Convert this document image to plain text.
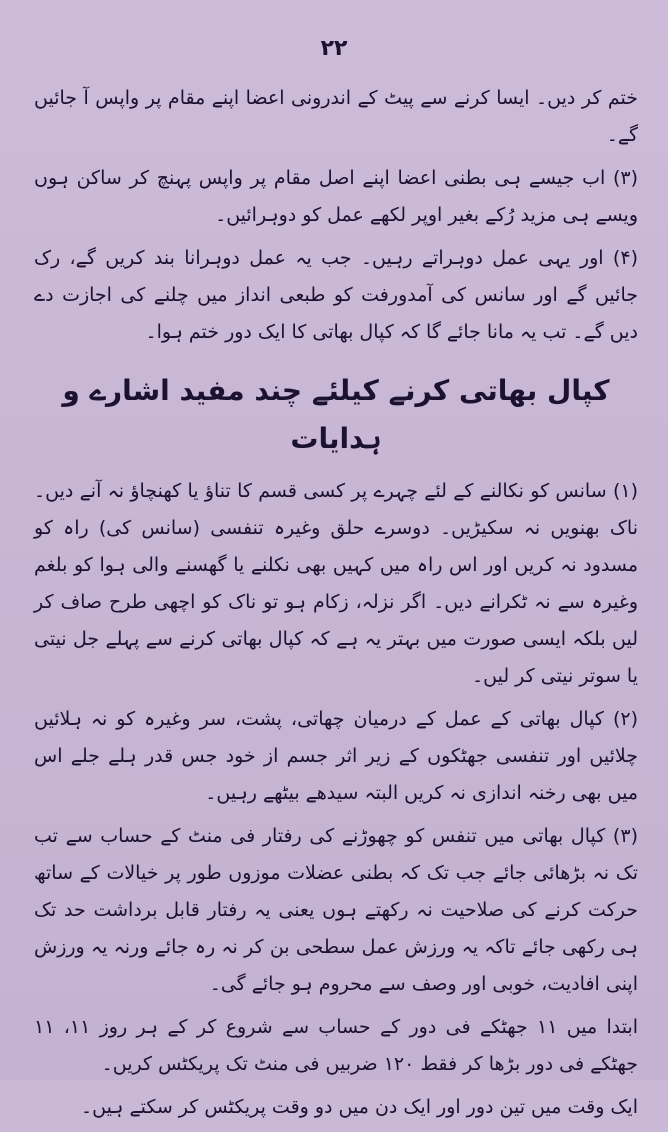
۲۲

ختم کر دیں۔ ایسا کرنے سے پیٹ کے اندرونی اعضا اپنے مقام پر واپس آ جائیں گے۔

(۳) اب جیسے ہی بطنی اعضا اپنے اصل مقام پر واپس پہنچ کر ساکن ہوں ویسے ہی مزید رُکے بغیر اوپر لکھے عمل کو دوہرائیں۔

(۴) اور یہی عمل دوہراتے رہیں۔ جب یہ عمل دوہرانا بند کریں گے، رک جائیں گے اور سانس کی آمدورفت کو طبعی انداز میں چلنے کی اجازت دے دیں گے۔ تب یہ مانا جائے گا کہ کپال بھاتی کا ایک دور ختم ہوا۔

کپال بھاتی کرنے کیلئے چند مفید اشارے و ہدایات

(۱) سانس کو نکالنے کے لئے چہرے پر کسی قسم کا تناؤ یا کھنچاؤ نہ آنے دیں۔ ناک بھنویں نہ سکیڑیں۔ دوسرے حلق وغیرہ تنفسی (سانس کی) راہ کو مسدود نہ کریں اور اس راہ میں کہیں بھی نکلنے یا گھسنے والی ہوا کو بلغم وغیرہ سے نہ ٹکرانے دیں۔ اگر نزلہ، زکام ہو تو ناک کو اچھی طرح صاف کر لیں بلکہ ایسی صورت میں بہتر یہ ہے کہ کپال بھاتی کرنے سے پہلے جل نیتی یا سوتر نیتی کر لیں۔

(۲) کپال بھاتی کے عمل کے درمیان چھاتی، پشت، سر وغیرہ کو نہ ہلائیں چلائیں اور تنفسی جھٹکوں کے زیر اثر جسم از خود جس قدر ہلے جلے اس میں بھی رخنہ اندازی نہ کریں البتہ سیدھے بیٹھے رہیں۔

(۳) کپال بھاتی میں تنفس کو چھوڑنے کی رفتار فی منٹ کے حساب سے تب تک نہ بڑھائی جائے جب تک کہ بطنی عضلات موزوں طور پر خیالات کے ساتھ حرکت کرنے کی صلاحیت نہ رکھتے ہوں یعنی یہ رفتار قابل برداشت حد تک ہی رکھی جائے تاکہ یہ ورزش عمل سطحی بن کر نہ رہ جائے ورنہ یہ ورزش اپنی افادیت، خوبی اور وصف سے محروم ہو جائے گی۔

ابتدا میں ۱۱ جھٹکے فی دور کے حساب سے شروع کر کے ہر روز ۱۱، ۱۱ جھٹکے فی دور بڑھا کر فقط ۱۲۰ ضربیں فی منٹ تک پریکٹس کریں۔

ایک وقت میں تین دور اور ایک دن میں دو وقت پریکٹس کر سکتے ہیں۔
